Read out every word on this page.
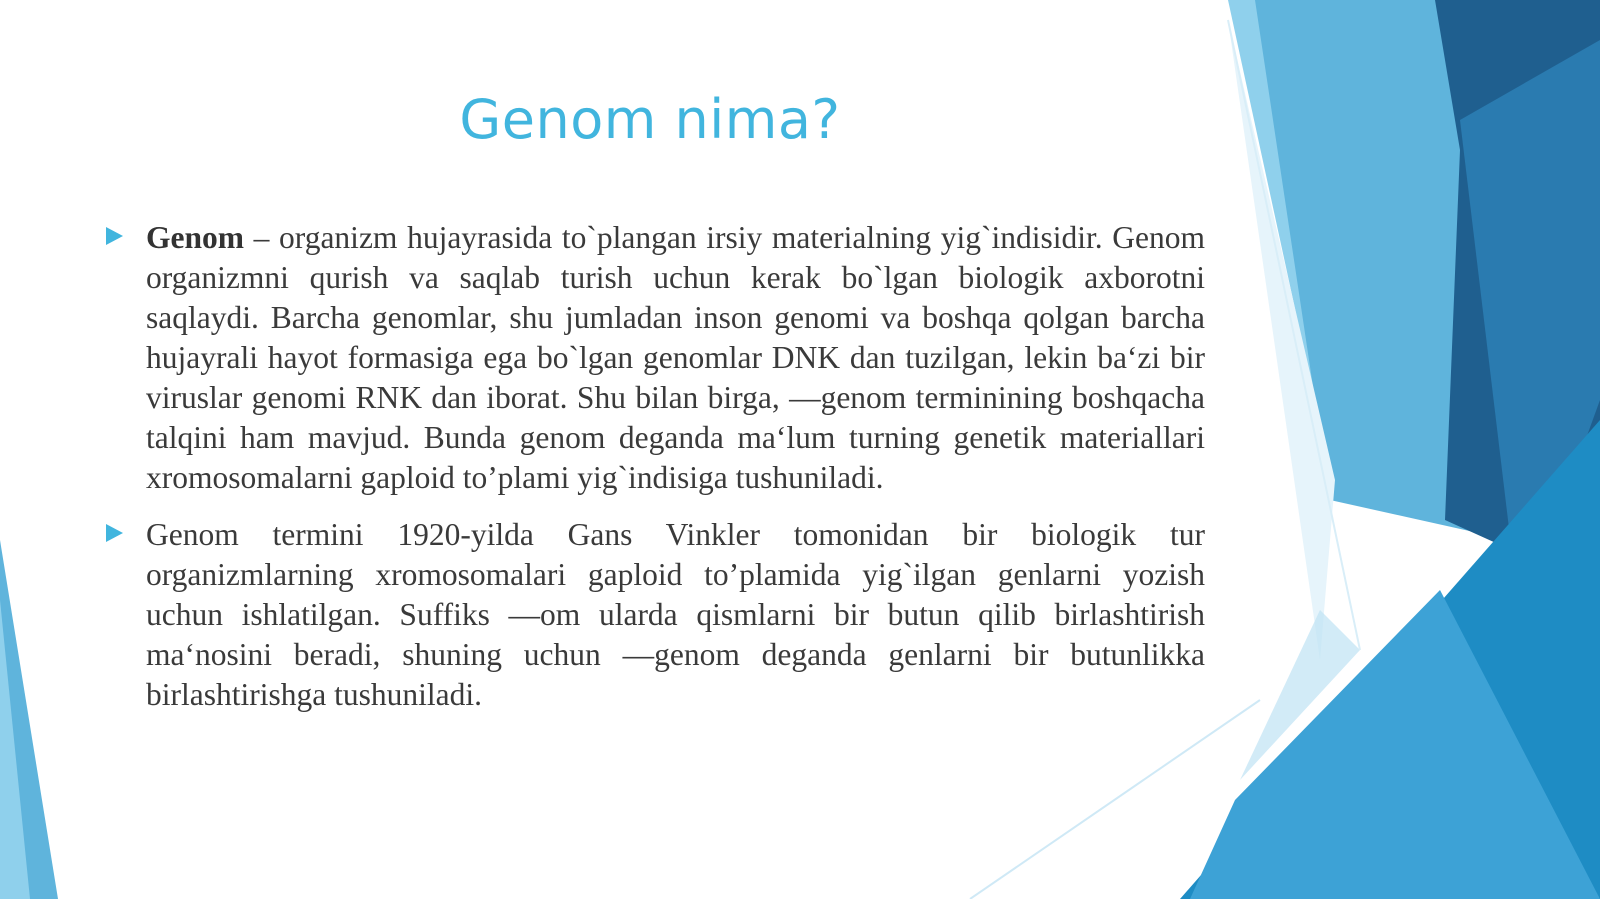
Genom nima?

Genom – organizm hujayrasida to`plangan irsiy materialning yig`indisidir. Genom organizmni qurish va saqlab turish uchun kerak bo`lgan biologik axborotni saqlaydi. Barcha genomlar, shu jumladan inson genomi va boshqa qolgan barcha hujayrali hayot formasiga ega bo`lgan genomlar DNK dan tuzilgan, lekin ba‘zi bir viruslar genomi RNK dan iborat. Shu bilan birga, ―genom terminining boshqacha talqini ham mavjud. Bunda genom deganda ma‘lum turning genetik materiallari xromosomalarni gaploid to’plami yig`indisiga tushuniladi.

Genom termini 1920-yilda Gans Vinkler tomonidan bir biologik tur organizmlarning xromosomalari gaploid to’plamida yig`ilgan genlarni yozish uchun ishlatilgan. Suffiks ―om ularda qismlarni bir butun qilib birlashtirish ma‘nosini beradi, shuning uchun ―genom deganda genlarni bir butunlikka birlashtirishga tushuniladi.
